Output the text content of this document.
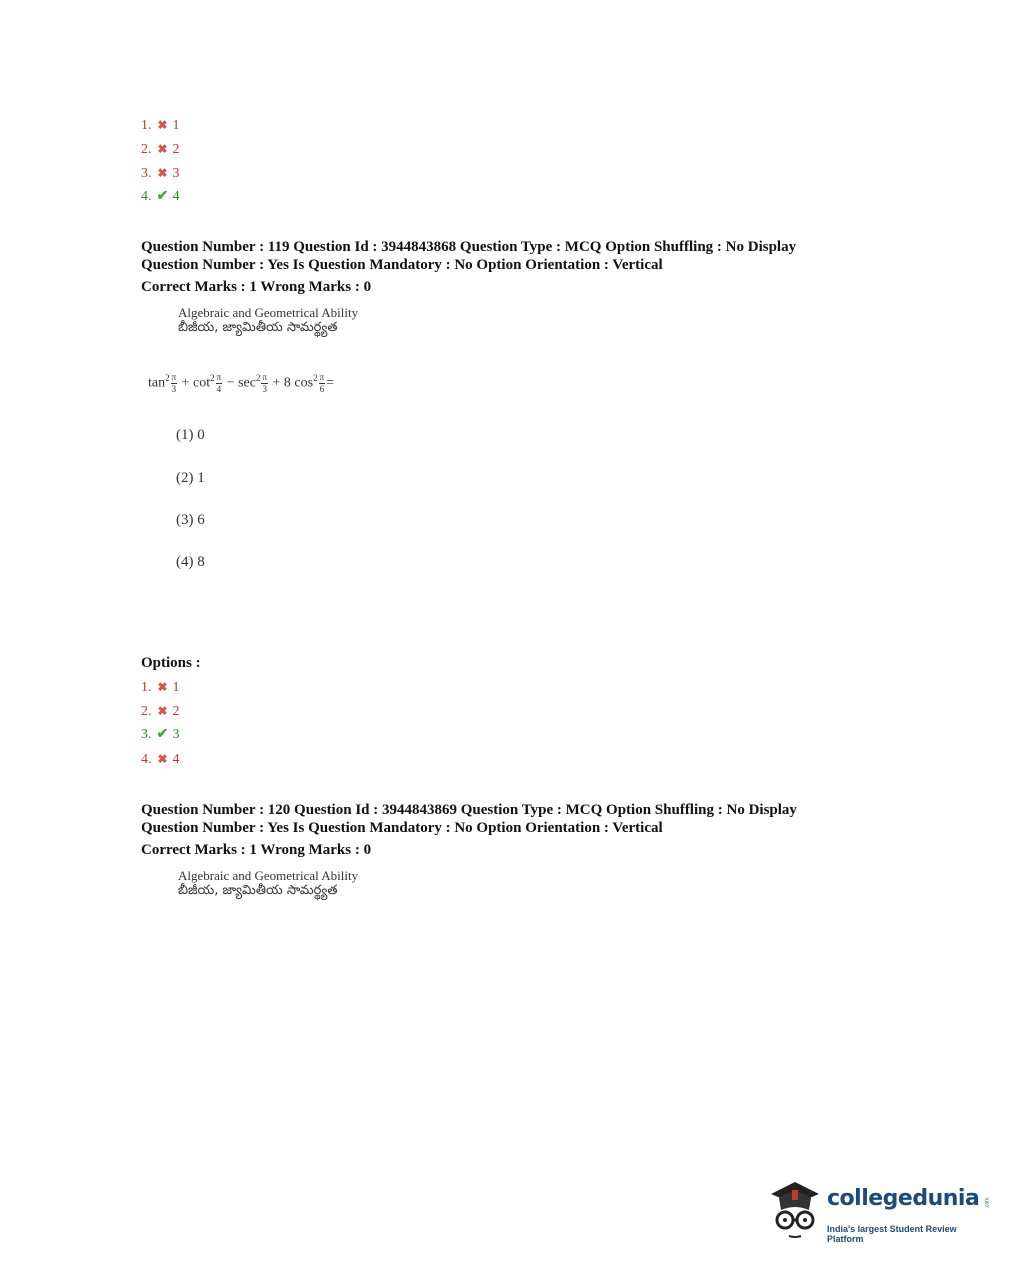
1. ✖ 1
2. ✖ 2
3. ✖ 3
4. ✔ 4
Question Number : 119 Question Id : 3944843868 Question Type : MCQ Option Shuffling : No Display
Question Number : Yes Is Question Mandatory : No Option Orientation : Vertical
Correct Marks : 1 Wrong Marks : 0
Algebraic and Geometrical Ability
బీజీయ, జ్యామితీయ సామర్థ్యత
$\tan^2 \frac{\pi}{3} + \cot^2 \frac{\pi}{4} - \sec^2 \frac{\pi}{3} + 8$ $\cos^2 \frac{\pi}{6}$ =
(1) 0
(2) 1
(3) 6
(4) 8
Options :
1. ✖ 1
2. ✖ 2
3. ✔ 3
4. ✖ 4
Question Number : 120 Question Id : 3944843869 Question Type : MCQ Option Shuffling : No Display
Question Number : Yes Is Question Mandatory : No Option Orientation : Vertical
Correct Marks : 1 Wrong Marks : 0
Algebraic and Geometrical Ability
బీజీయ, జ్యామితీయ సామర్థ్యత
collegedunia .com
India's largest Student Review Platform
